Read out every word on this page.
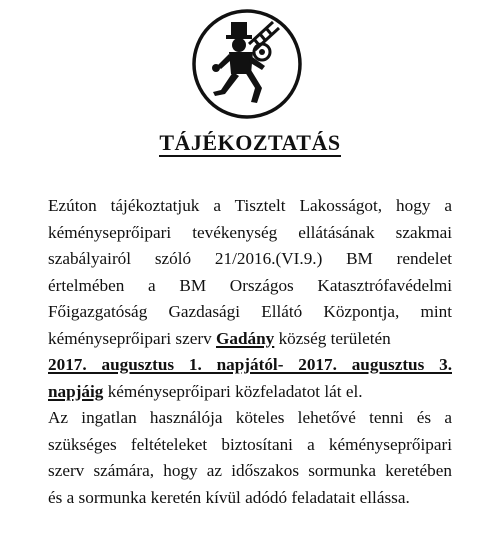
TÁJÉKOZTATÁS
Ezúton tájékoztatjuk a Tisztelt Lakosságot, hogy a
kéményseprőipari tevékenység ellátásának szakmai
szabályairól szóló 21/2016.(VI.9.) BM rendelet
értelmében a BM Országos Katasztrófavédelmi
Főigazgatóság Gazdasági Ellátó Központja, mint
kéményseprőipari szerv Gadány község területén
2017. augusztus 1. napjától- 2017. augusztus 3.
napjáig kéményseprőipari közfeladatot lát el.
Az ingatlan használója köteles lehetővé tenni és a
szükséges feltételeket biztosítani a kéményseprőipari
szerv számára, hogy az időszakos sormunka keretében
és a sormunka keretén kívül adódó feladatait ellássa.
